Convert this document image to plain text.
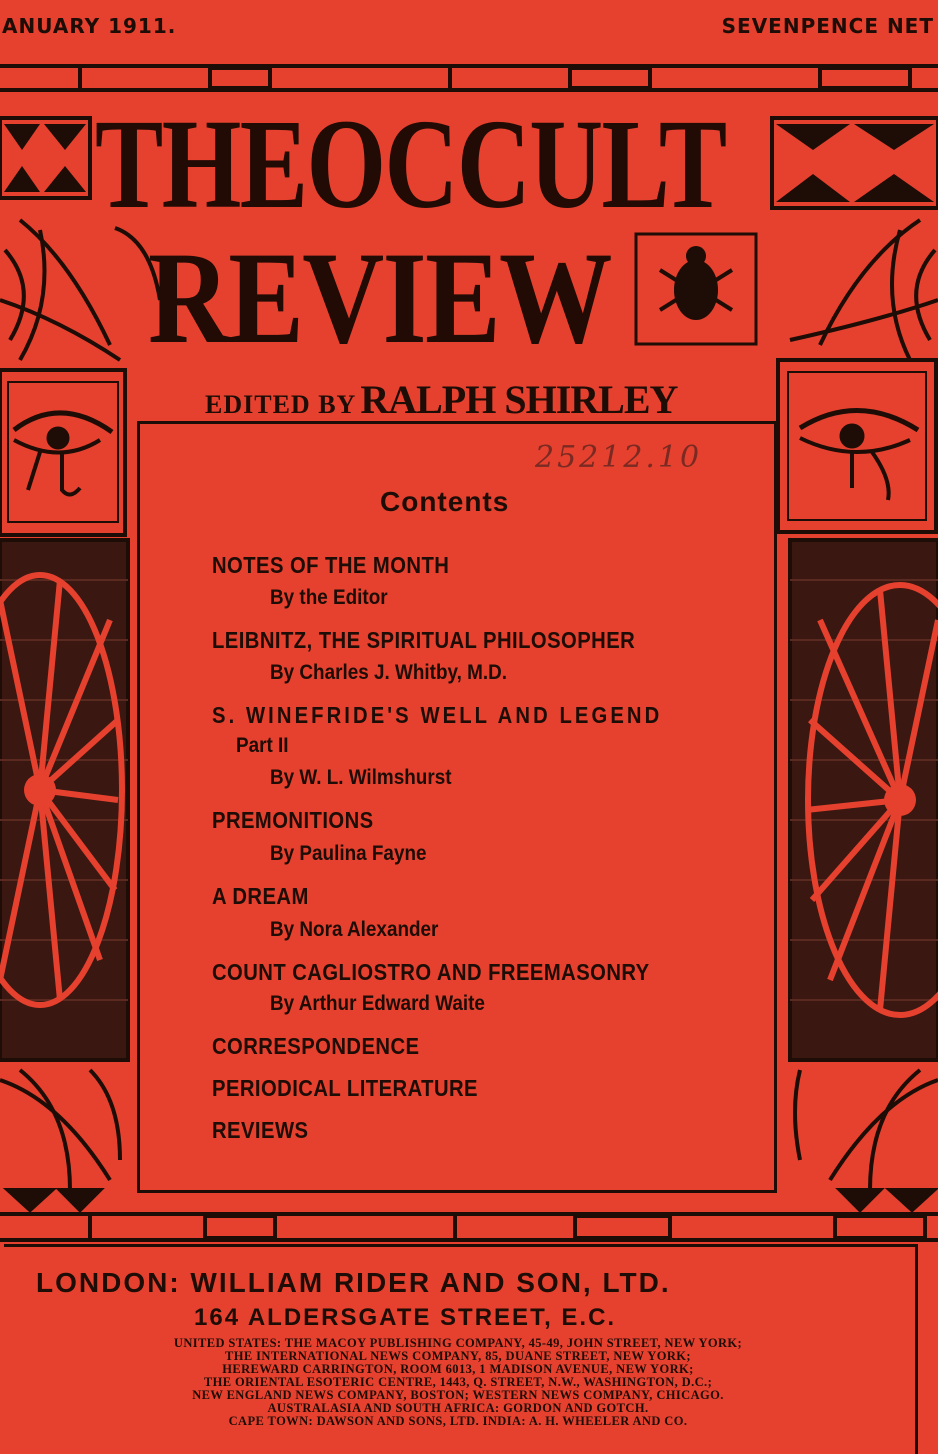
ANUARY 1911.	SEVENPENCE NET
THEOCCULT
REVIEW
EDITED BY RALPH SHIRLEY
25212.10
Contents
NOTES OF THE MONTH
By the Editor
LEIBNITZ, THE SPIRITUAL PHILOSOPHER
By Charles J. Whitby, M.D.
S. WINEFRIDE'S WELL AND LEGEND
Part II
By W. L. Wilmshurst
PREMONITIONS
By Paulina Fayne
A DREAM
By Nora Alexander
COUNT CAGLIOSTRO AND FREEMASONRY
By Arthur Edward Waite
CORRESPONDENCE
PERIODICAL LITERATURE
REVIEWS
LONDON: WILLIAM RIDER AND SON, LTD.
164 ALDERSGATE STREET, E.C.
UNITED STATES: THE MACOY PUBLISHING COMPANY, 45-49, JOHN STREET, NEW YORK;
THE INTERNATIONAL NEWS COMPANY, 85, DUANE STREET, NEW YORK;
HEREWARD CARRINGTON, ROOM 6013, 1 MADISON AVENUE, NEW YORK;
THE ORIENTAL ESOTERIC CENTRE, 1443, Q. STREET, N.W., WASHINGTON, D.C.;
NEW ENGLAND NEWS COMPANY, BOSTON; WESTERN NEWS COMPANY, CHICAGO.
AUSTRALASIA AND SOUTH AFRICA: GORDON AND GOTCH.
CAPE TOWN: DAWSON AND SONS, LTD. INDIA: A. H. WHEELER AND CO.
